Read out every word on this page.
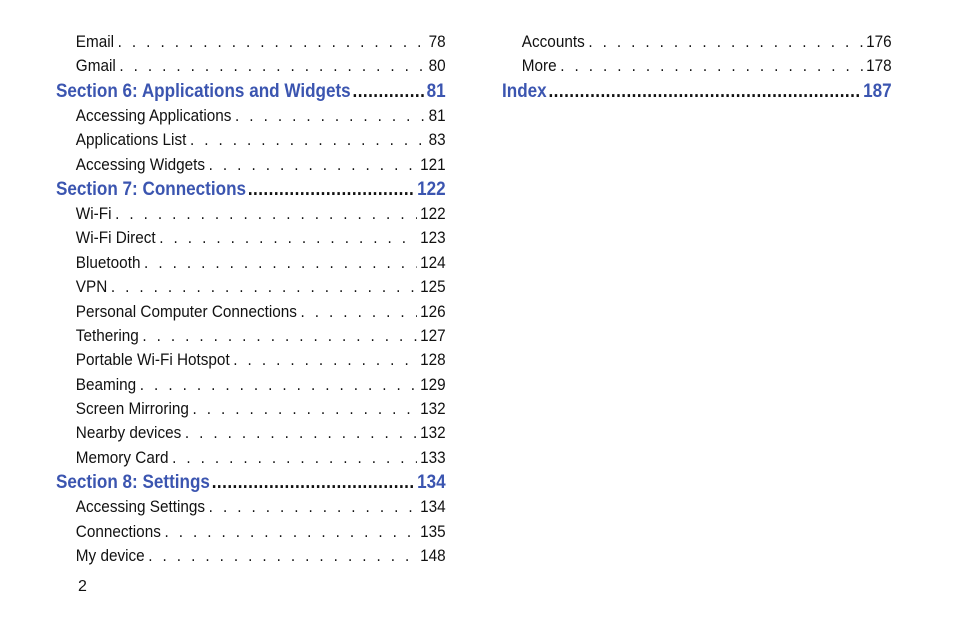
Email . . .	78
Gmail . . .	80
Section 6: Applications and Widgets .....	81
Accessing Applications . . .	81
Applications List . . .	83
Accessing Widgets . . .	121
Section 7: Connections .....	122
Wi-Fi . . .	122
Wi-Fi Direct . . .	123
Bluetooth . . .	124
VPN . . .	125
Personal Computer Connections . . .	126
Tethering . . .	127
Portable Wi-Fi Hotspot . . .	128
Beaming . . .	129
Screen Mirroring . . .	132
Nearby devices . . .	132
Memory Card . . .	133
Section 8: Settings .....	134
Accessing Settings . . .	134
Connections . . .	135
My device . . .	148
Accounts . . .	176
More . . .	178
Index .....	187
2
